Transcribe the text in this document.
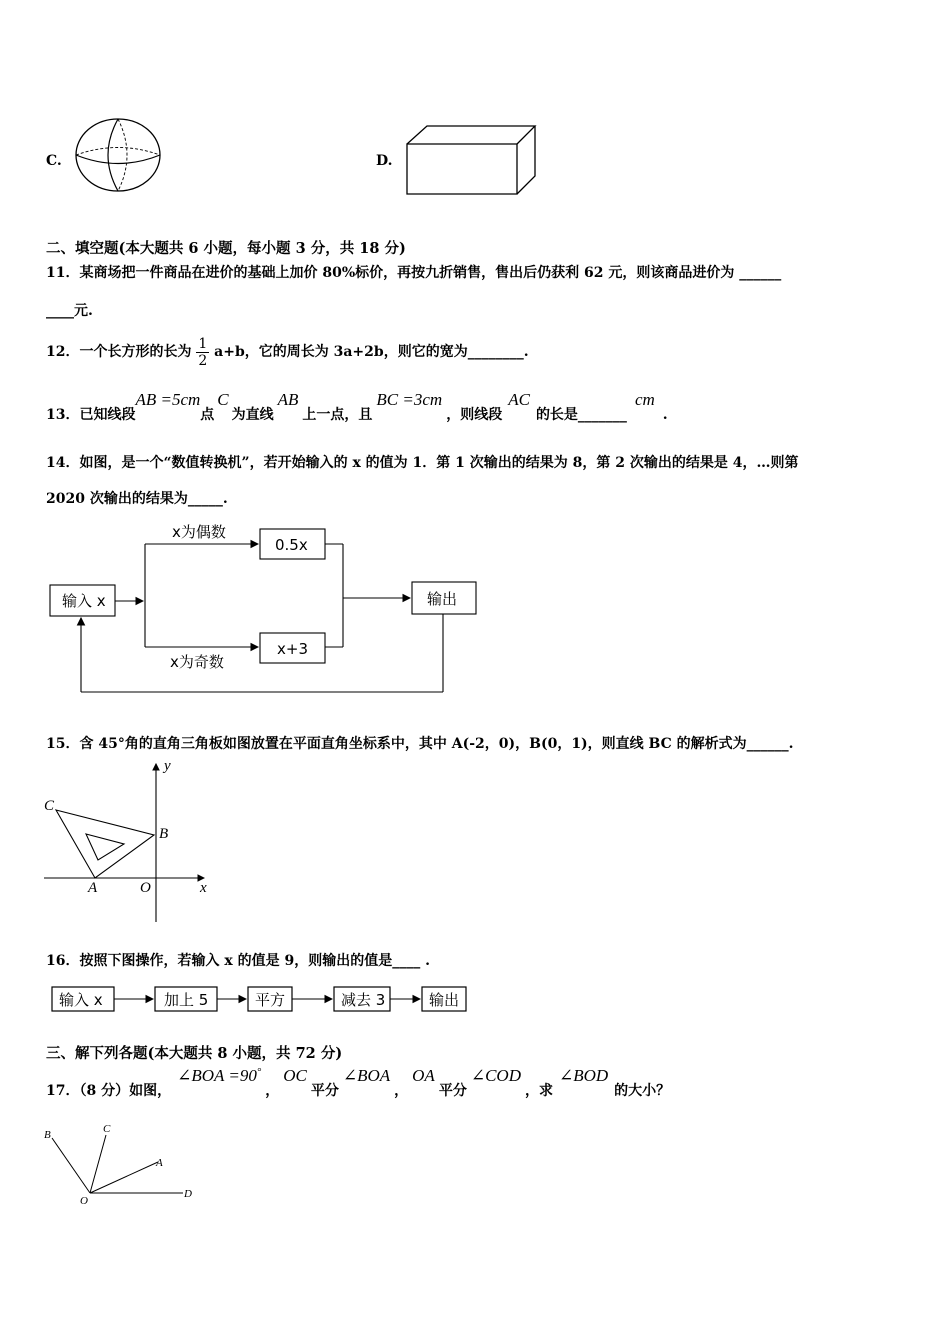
C.	D.
二、填空题(本大题共 6 小题，每小题 3 分，共 18 分)
11．某商场把一件商品在进价的基础上加价 80%标价，再按九折销售，售出后仍获利 62 元，则该商品进价为 ______
____元.
12．一个长方形的长为 $\frac{1}{2} a+b$，它的周长为 3a+2b，则它的宽为________.
13．已知线段AB =5cm点C为直线AB上一点，且BC =3cm，则线段AC的长是_______cm.
14．如图，是一个“数值转换机”，若开始输入的 x 的值为 1．第 1 次输出的结果为 8，第 2 次输出的结果是 4，…则第
2020 次输出的结果为_____.
输入 x
x为偶数
x为奇数
0.5x
x+3
输出
15．含 45°角的直角三角板如图放置在平面直角坐标系中，其中 A(-2，0)，B(0，1)，则直线 BC 的解析式为______.
C
B
A	O	x
y
16．按照下图操作，若输入 x 的值是 9，则输出的值是____ .
输入 x	加上 5	平方	减去 3	输出
三、解下列各题(本大题共 8 小题，共 72 分)
17．（8 分）如图，∠BOA =90°，OC平分∠BOA，OA平分∠COD，求∠BOD的大小？
B	C
A
O
D
